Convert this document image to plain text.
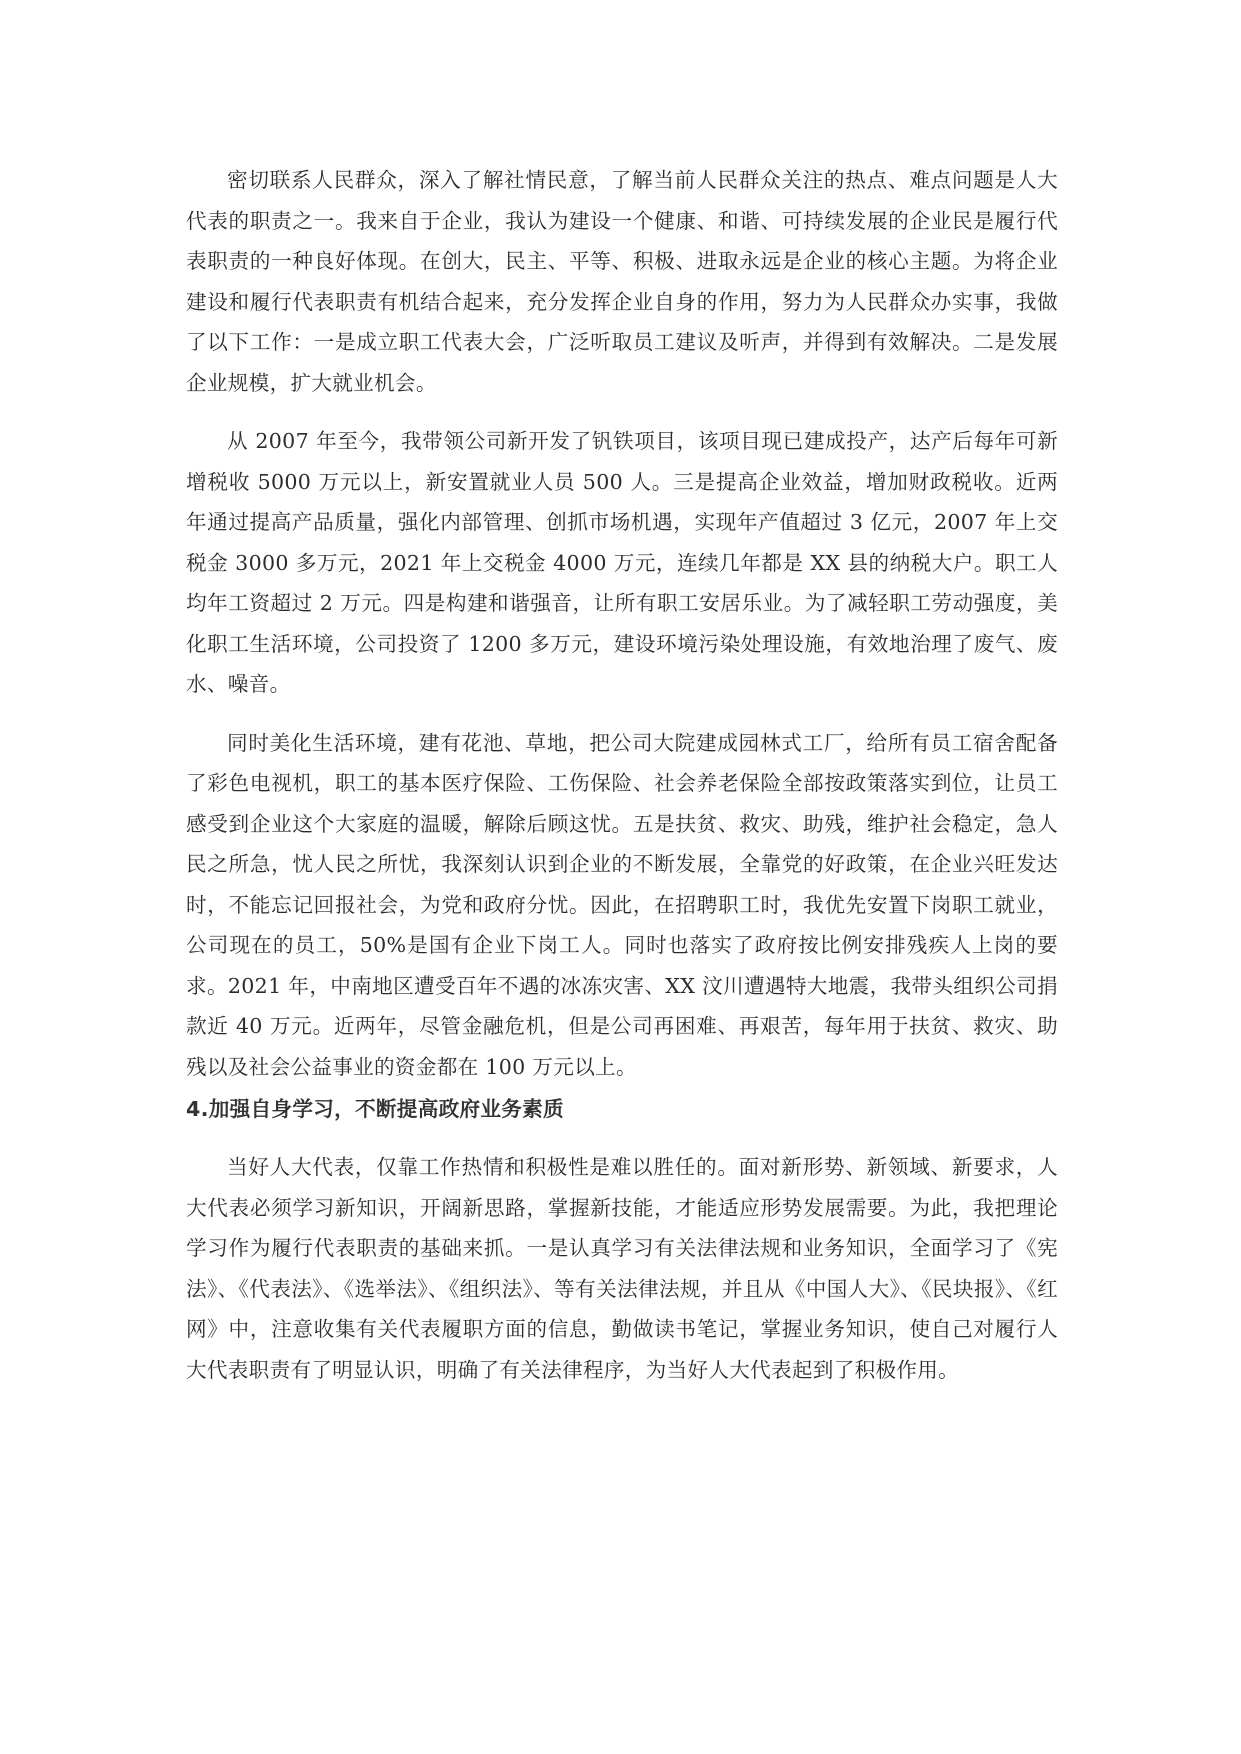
密切联系人民群众，深入了解社情民意，了解当前人民群众关注的热点、难点问题是人大代表的职责之一。我来自于企业，我认为建设一个健康、和谐、可持续发展的企业民是履行代表职责的一种良好体现。在创大，民主、平等、积极、进取永远是企业的核心主题。为将企业建设和履行代表职责有机结合起来，充分发挥企业自身的作用，努力为人民群众办实事，我做了以下工作：一是成立职工代表大会，广泛听取员工建议及听声，并得到有效解决。二是发展企业规模，扩大就业机会。

从 2007 年至今，我带领公司新开发了钒铁项目，该项目现已建成投产，达产后每年可新增税收 5000 万元以上，新安置就业人员 500 人。三是提高企业效益，增加财政税收。近两年通过提高产品质量，强化内部管理、创抓市场机遇，实现年产值超过 3 亿元，2007 年上交税金 3000 多万元，2021 年上交税金 4000 万元，连续几年都是 XX 县的纳税大户。职工人均年工资超过 2 万元。四是构建和谐强音，让所有职工安居乐业。为了减轻职工劳动强度，美化职工生活环境，公司投资了 1200 多万元，建设环境污染处理设施，有效地治理了废气、废水、噪音。

同时美化生活环境，建有花池、草地，把公司大院建成园林式工厂，给所有员工宿舍配备了彩色电视机，职工的基本医疗保险、工伤保险、社会养老保险全部按政策落实到位，让员工感受到企业这个大家庭的温暖，解除后顾这忧。五是扶贫、救灾、助残，维护社会稳定，急人民之所急，忧人民之所忧，我深刻认识到企业的不断发展，全靠党的好政策，在企业兴旺发达时，不能忘记回报社会，为党和政府分忧。因此，在招聘职工时，我优先安置下岗职工就业，公司现在的员工，50%是国有企业下岗工人。同时也落实了政府按比例安排残疾人上岗的要求。2021 年，中南地区遭受百年不遇的冰冻灾害、XX 汶川遭遇特大地震，我带头组织公司捐款近 40 万元。近两年，尽管金融危机，但是公司再困难、再艰苦，每年用于扶贫、救灾、助残以及社会公益事业的资金都在 100 万元以上。

4.加强自身学习，不断提高政府业务素质

当好人大代表，仅靠工作热情和积极性是难以胜任的。面对新形势、新领域、新要求，人大代表必须学习新知识，开阔新思路，掌握新技能，才能适应形势发展需要。为此，我把理论学习作为履行代表职责的基础来抓。一是认真学习有关法律法规和业务知识，全面学习了《宪法》、《代表法》、《选举法》、《组织法》、等有关法律法规，并且从《中国人大》、《民块报》、《红网》中，注意收集有关代表履职方面的信息，勤做读书笔记，掌握业务知识，使自己对履行人大代表职责有了明显认识，明确了有关法律程序，为当好人大代表起到了积极作用。
